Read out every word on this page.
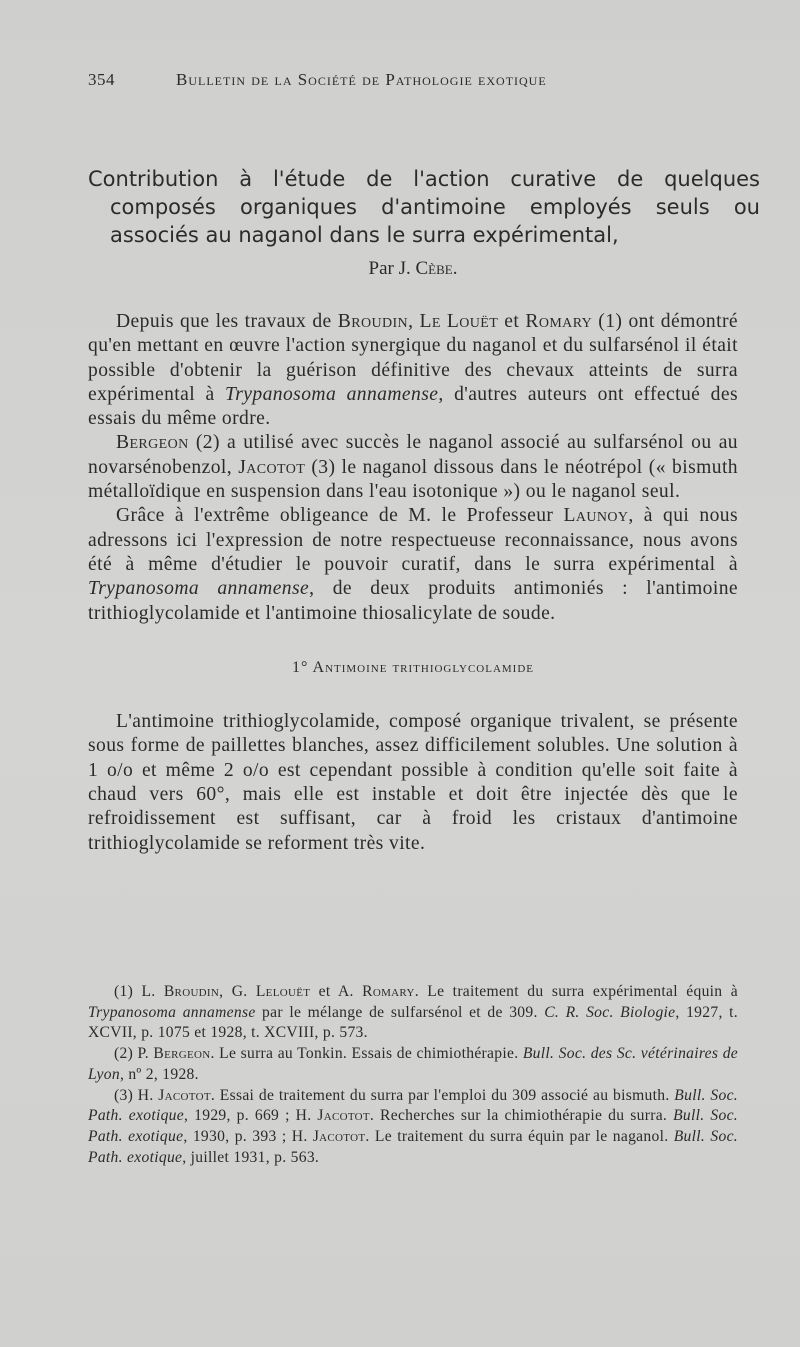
354	Bulletin de la Société de Pathologie exotique

Contribution à l'étude de l'action curative de quelques composés organiques d'antimoine employés seuls ou associés au naganol dans le surra expérimental,

Par J. Cèbe.

Depuis que les travaux de Broudin, Le Louët et Romary (1) ont démontré qu'en mettant en œuvre l'action synergique du naganol et du sulfarsénol il était possible d'obtenir la guérison définitive des chevaux atteints de surra expérimental à Trypanosoma annamense, d'autres auteurs ont effectué des essais du même ordre.

Bergeon (2) a utilisé avec succès le naganol associé au sulfarsénol ou au novarsénobenzol, Jacotot (3) le naganol dissous dans le néotrépol (« bismuth métalloïdique en suspension dans l'eau isotonique ») ou le naganol seul.

Grâce à l'extrême obligeance de M. le Professeur Launoy, à qui nous adressons ici l'expression de notre respectueuse reconnaissance, nous avons été à même d'étudier le pouvoir curatif, dans le surra expérimental à Trypanosoma annamense, de deux produits antimoniés : l'antimoine trithioglycolamide et l'antimoine thiosalicylate de soude.

1° Antimoine trithioglycolamide

L'antimoine trithioglycolamide, composé organique trivalent, se présente sous forme de paillettes blanches, assez difficilement solubles. Une solution à 1 o/o et même 2 o/o est cependant possible à condition qu'elle soit faite à chaud vers 60°, mais elle est instable et doit être injectée dès que le refroidissement est suffisant, car à froid les cristaux d'antimoine trithioglycolamide se reforment très vite.

(1) L. Broudin, G. Lelouët et A. Romary. Le traitement du surra expérimental équin à Trypanosoma annamense par le mélange de sulfarsénol et de 309. C. R. Soc. Biologie, 1927, t. XCVII, p. 1075 et 1928, t. XCVIII, p. 573.

(2) P. Bergeon. Le surra au Tonkin. Essais de chimiothérapie. Bull. Soc. des Sc. vétérinaires de Lyon, nº 2, 1928.

(3) H. Jacotot. Essai de traitement du surra par l'emploi du 309 associé au bismuth. Bull. Soc. Path. exotique, 1929, p. 669 ; H. Jacotot. Recherches sur la chimiothérapie du surra. Bull. Soc. Path. exotique, 1930, p. 393 ; H. Jacotot. Le traitement du surra équin par le naganol. Bull. Soc. Path. exotique, juillet 1931, p. 563.
